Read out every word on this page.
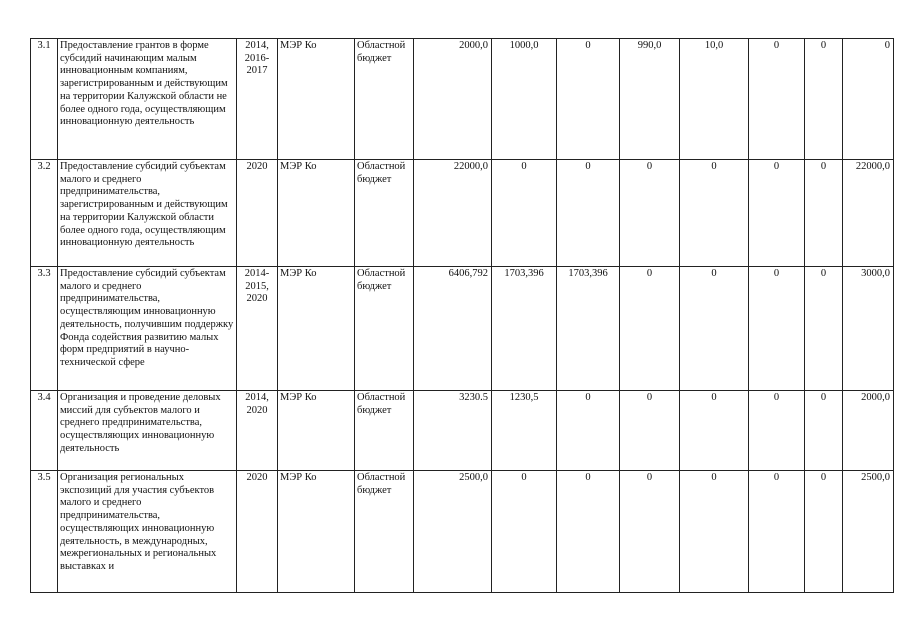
3.1	Предоставление грантов в форме субсидий начинающим малым инновационным компаниям, зарегистрированным и действующим на территории Калужской области не более одного года, осуществляющим инновационную деятельность	2014, 2016-2017	МЭР Ко	Областной бюджет	2000,0	1000,0	0	990,0	10,0	0	0	0
3.2	Предоставление субсидий субъектам малого и среднего предпринимательства, зарегистрированным и действующим на территории Калужской области более одного года, осуществляющим инновационную деятельность	2020	МЭР Ко	Областной бюджет	22000,0	0	0	0	0	0	0	22000,0
3.3	Предоставление субсидий субъектам малого и среднего предпринимательства, осуществляющим инновационную деятельность, получившим поддержку Фонда содействия развитию малых форм предприятий в научно-технической сфере	2014-2015, 2020	МЭР Ко	Областной бюджет	6406,792	1703,396	1703,396	0	0	0	0	3000,0
3.4	Организация и проведение деловых миссий для субъектов малого и среднего предпринимательства, осуществляющих инновационную деятельность	2014, 2020	МЭР Ко	Областной бюджет	3230.5	1230,5	0	0	0	0	0	2000,0
3.5	Организация региональных экспозиций для участия субъектов малого и среднего предпринимательства, осуществляющих инновационную деятельность, в международных, межрегиональных и региональных выставках и	2020	МЭР Ко	Областной бюджет	2500,0	0	0	0	0	0	0	2500,0
